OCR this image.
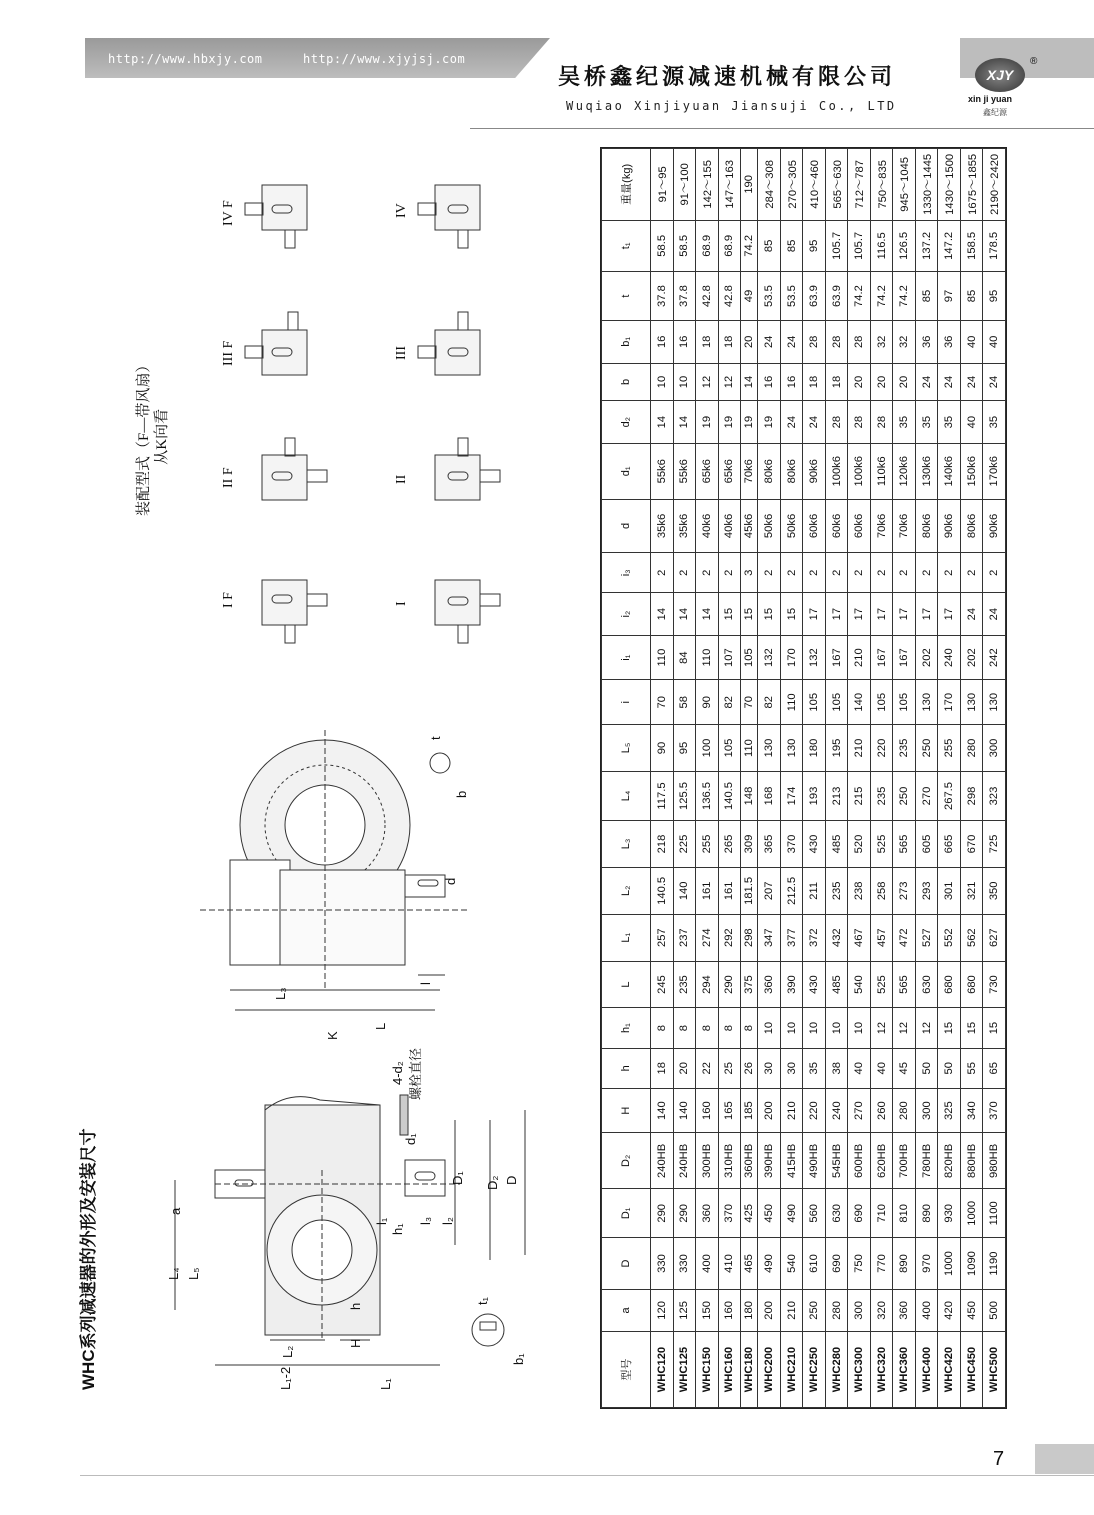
http://www.hbxjy.com	http://www.xjyjsj.com
吴桥鑫纪源减速机械有限公司
Wuqiao Xinjiyuan Jiansuji Co., LTD
XJY
®
xin ji yuan
鑫纪源
WHC系列减速器的外形及安装尺寸
装配型式（F—带风扇） 从K向看
I F
II F
III F
IV F
I
II
III
IV
K
4-d₂ 螺栓直径
a
L₄ L₅
D₁ D₂ D
H
h
d₁
L₂
L₁-2	L₁
b₁
t₁
l₁	l₂
l₃
h₁
L₃
L
l
d
t
b
型号	a	D	D₁	D₂	H	h	h₁	L	L₁	L₂	L₃	L₄	L₅	i	i₁	i₂	i₃	d	d₁	d₂	b	b₁	t	t₁	重量(kg)
WHC120	120	330	290	240HB	140	18	8	245	257	140.5	218	117.5	90	70	110	14	2	35k6	55k6	14	10	16	37.8	58.5	91～95
WHC125	125	330	290	240HB	140	20	8	235	237	140	225	125.5	95	58	84	14	2	35k6	55k6	14	10	16	37.8	58.5	91～100
WHC150	150	400	360	300HB	160	22	8	294	274	161	255	136.5	100	90	110	14	2	40k6	65k6	19	12	18	42.8	68.9	142～155
WHC160	160	410	370	310HB	165	25	8	290	292	161	265	140.5	105	82	107	15	2	40k6	65k6	19	12	18	42.8	68.9	147～163
WHC180	180	465	425	360HB	185	26	8	375	298	181.5	309	148	110	70	105	15	3	45k6	70k6	19	14	20	49	74.2	190
WHC200	200	490	450	390HB	200	30	10	360	347	207	365	168	130	82	132	15	2	50k6	80k6	19	16	24	53.5	85	284～308
WHC210	210	540	490	415HB	210	30	10	390	377	212.5	370	174	130	110	170	15	2	50k6	80k6	24	16	24	53.5	85	270～305
WHC250	250	610	560	490HB	220	35	10	430	372	211	430	193	180	105	132	17	2	60k6	90k6	24	18	28	63.9	95	410～460
WHC280	280	690	630	545HB	240	38	10	485	432	235	485	213	195	105	167	17	2	60k6	100k6	28	18	28	63.9	105.7	565～630
WHC300	300	750	690	600HB	270	40	10	540	467	238	520	215	210	140	210	17	2	60k6	100k6	28	20	28	74.2	105.7	712～787
WHC320	320	770	710	620HB	260	40	12	525	457	258	525	235	220	105	167	17	2	70k6	110k6	28	20	32	74.2	116.5	750～835
WHC360	360	890	810	700HB	280	45	12	565	472	273	565	250	235	105	167	17	2	70k6	120k6	35	20	32	74.2	126.5	945～1045
WHC400	400	970	890	780HB	300	50	12	630	527	293	605	270	250	130	202	17	2	80k6	130k6	35	24	36	85	137.2	1330～1445
WHC420	420	1000	930	820HB	325	50	15	680	552	301	665	267.5	255	170	240	17	2	90k6	140k6	35	24	36	97	147.2	1430～1500
WHC450	450	1090	1000	880HB	340	55	15	680	562	321	670	298	280	130	202	24	2	80k6	150k6	40	24	40	85	158.5	1675～1855
WHC500	500	1190	1100	980HB	370	65	15	730	627	350	725	323	300	130	242	24	2	90k6	170k6	35	24	40	95	178.5	2190～2420
7
